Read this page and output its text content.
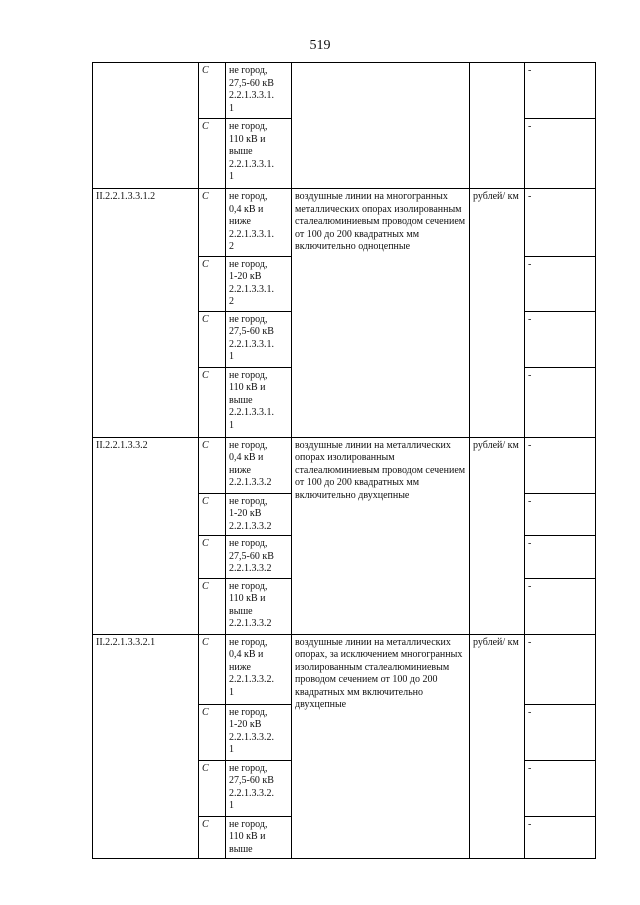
519
	С	не город,
27,5-60 кВ
2.2.1.3.3.1.
1			-
	С	не город,
110 кВ и
выше
2.2.1.3.3.1.
1			-
II.2.2.1.3.3.1.2	С	не город,
0,4 кВ и
ниже
2.2.1.3.3.1.
2	воздушные линии на многогранных металлических опорах изолированным сталеалюминиевым проводом сечением от 100 до 200 квадратных мм включительно одноцепные	рублей/ км	-
	С	не город,
1-20 кВ
2.2.1.3.3.1.
2			-
	С	не город,
27,5-60 кВ
2.2.1.3.3.1.
1			-
	С	не город,
110 кВ и
выше
2.2.1.3.3.1.
1			-
II.2.2.1.3.3.2	С	не город,
0,4 кВ и
ниже
2.2.1.3.3.2	воздушные линии на металлических опорах изолированным сталеалюминиевым проводом сечением от 100 до 200 квадратных мм включительно двухцепные	рублей/ км	-
	С	не город,
1-20 кВ
2.2.1.3.3.2			-
	С	не город,
27,5-60 кВ
2.2.1.3.3.2			-
	С	не город,
110 кВ и
выше
2.2.1.3.3.2			-
II.2.2.1.3.3.2.1	С	не город,
0,4 кВ и
ниже
2.2.1.3.3.2.
1	воздушные линии на металлических опорах, за исключением многогранных изолированным сталеалюминиевым проводом сечением от 100 до 200 квадратных мм включительно двухцепные	рублей/ км	-
	С	не город,
1-20 кВ
2.2.1.3.3.2.
1			-
	С	не город,
27,5-60 кВ
2.2.1.3.3.2.
1			-
	С	не город,
110 кВ и
выше			-
